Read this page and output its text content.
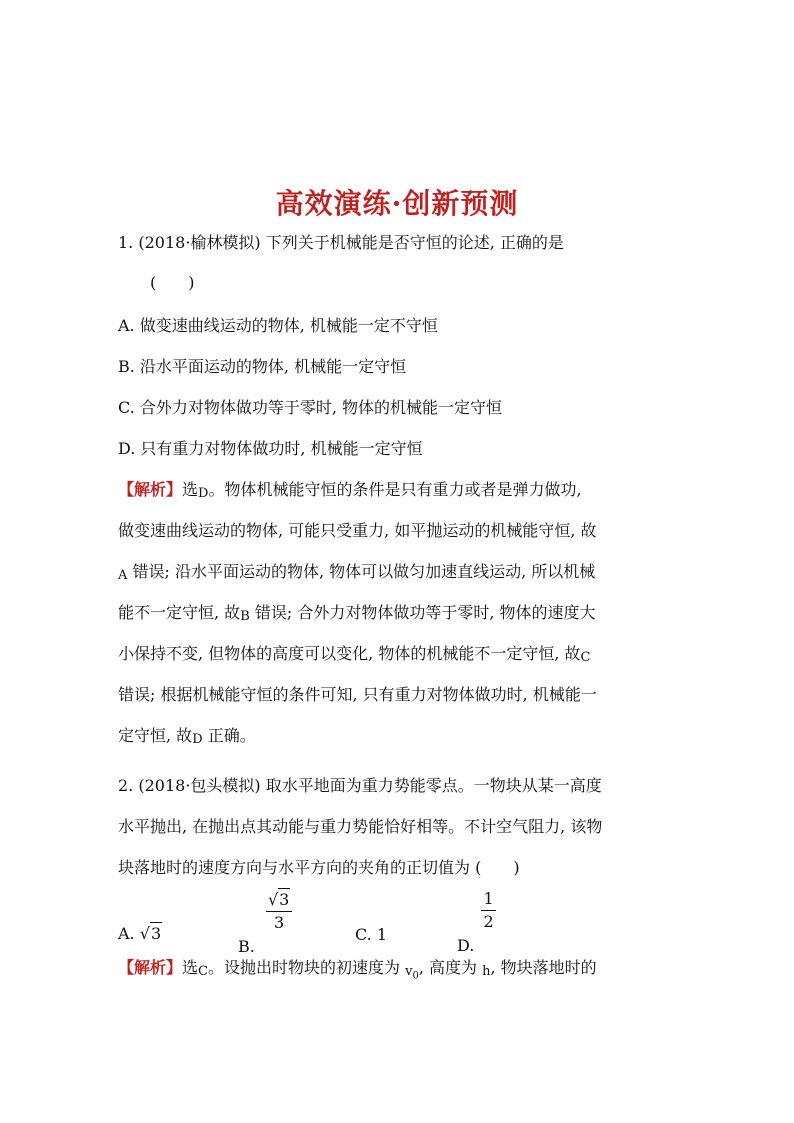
高效演练·创新预测
1. (2018·榆林模拟) 下列关于机械能是否守恒的论述, 正确的是
(　　)
A. 做变速曲线运动的物体, 机械能一定不守恒
B. 沿水平面运动的物体, 机械能一定守恒
C. 合外力对物体做功等于零时, 物体的机械能一定守恒
D. 只有重力对物体做功时, 机械能一定守恒
【解析】选D。物体机械能守恒的条件是只有重力或者是弹力做功,
做变速曲线运动的物体, 可能只受重力, 如平抛运动的机械能守恒, 故
A 错误; 沿水平面运动的物体, 物体可以做匀加速直线运动, 所以机械
能不一定守恒, 故B 错误; 合外力对物体做功等于零时, 物体的速度大
小保持不变, 但物体的高度可以变化, 物体的机械能不一定守恒, 故C
错误; 根据机械能守恒的条件可知, 只有重力对物体做功时, 机械能一
定守恒, 故D 正确。
2. (2018·包头模拟) 取水平地面为重力势能零点。一物块从某一高度
水平抛出, 在抛出点其动能与重力势能恰好相等。不计空气阻力, 该物
块落地时的速度方向与水平方向的夹角的正切值为 (　　)
A. √3
B.
$\frac{√3}{3}$
C. 1
D.
$\frac{1}{2}$
【解析】选C。设抛出时物块的初速度为 $v_0$, 高度为 h, 物块落地时的
